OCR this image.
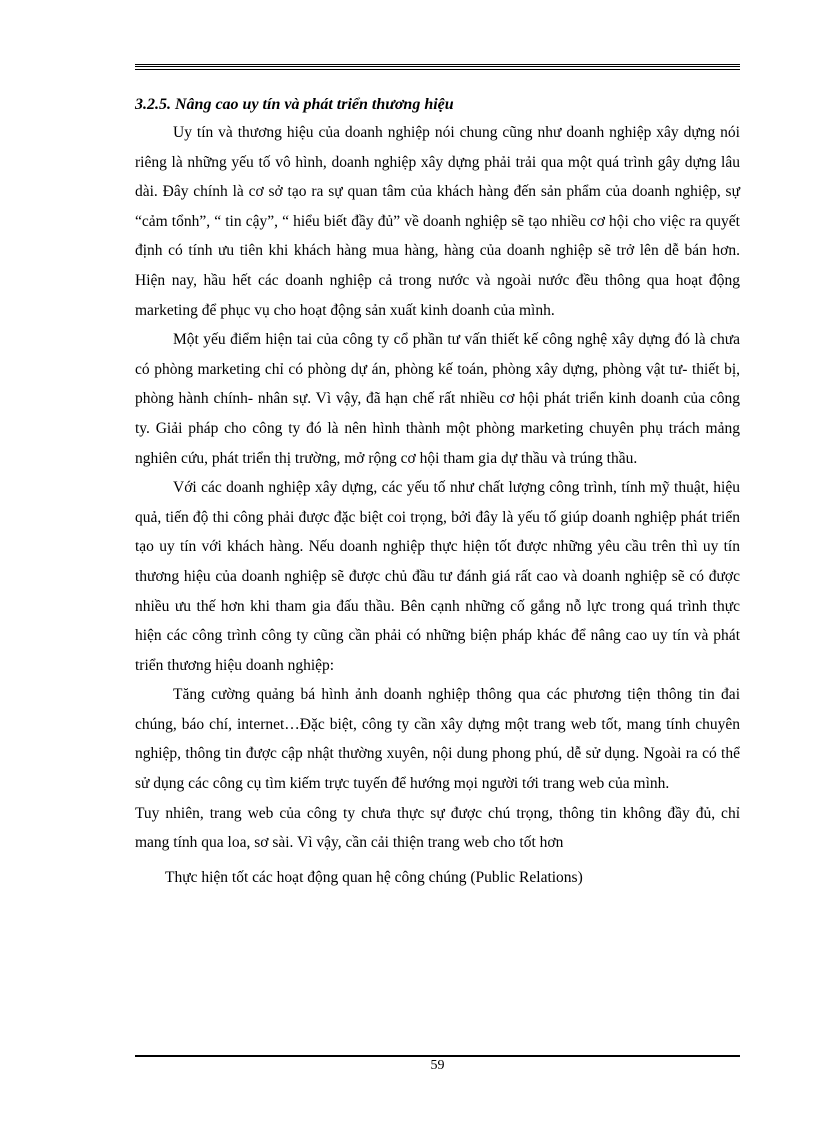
3.2.5. Nâng cao uy tín và phát triển thương hiệu

Uy tín và thương hiệu của doanh nghiệp nói chung cũng như doanh nghiệp xây dựng nói riêng là những yếu tố vô hình, doanh nghiệp xây dựng phải trải qua một quá trình gây dựng lâu dài. Đây chính là cơ sở tạo ra sự quan tâm của khách hàng đến sản phẩm của doanh nghiệp, sự “cảm tổnh”, “ tin cậy”, “ hiểu biết đầy đủ” về doanh nghiệp sẽ tạo nhiều cơ hội cho việc ra quyết định có tính ưu tiên khi khách hàng mua hàng, hàng của doanh nghiệp sẽ trở lên dễ bán hơn. Hiện nay, hầu hết các doanh nghiệp cả trong nước và ngoài nước đều thông qua hoạt động marketing để phục vụ cho hoạt động sản xuất kinh doanh của mình.

Một yếu điểm hiện tai của công ty cổ phần tư vấn thiết kế công nghệ xây dựng đó là chưa có phòng marketing chỉ có phòng dự án, phòng kế toán, phòng xây dựng, phòng vật tư- thiết bị, phòng hành chính- nhân sự. Vì vậy, đã hạn chế rất nhiều cơ hội phát triển kinh doanh của công ty. Giải pháp cho công ty đó là nên hình thành một phòng marketing chuyên phụ trách mảng nghiên cứu, phát triển thị trường, mở rộng cơ hội tham gia dự thầu và trúng thầu.

Với các doanh nghiệp xây dựng, các yếu tố như chất lượng công trình, tính mỹ thuật, hiệu quả, tiến độ thi công phải được đặc biệt coi trọng, bởi đây là yếu tố giúp doanh nghiệp phát triển tạo uy tín với khách hàng. Nếu doanh nghiệp thực hiện tốt được những yêu cầu trên thì uy tín thương hiệu của doanh nghiệp sẽ được chủ đầu tư đánh giá rất cao và doanh nghiệp sẽ có được nhiều ưu thế hơn khi tham gia đấu thầu. Bên cạnh những cố gắng nỗ lực trong quá trình thực hiện các công trình công ty cũng cần phải có những biện pháp khác để nâng cao uy tín và phát triển thương hiệu doanh nghiệp:

Tăng cường quảng bá hình ảnh doanh nghiệp thông qua các phương tiện thông tin đai chúng, báo chí, internet…Đặc biệt, công ty cần xây dựng một trang web tốt, mang tính chuyên nghiệp, thông tin được cập nhật thường xuyên, nội dung phong phú, dễ sử dụng. Ngoài ra có thể sử dụng các công cụ tìm kiếm trực tuyến để hướng mọi người tới trang web của mình.

Tuy nhiên, trang web của công ty chưa thực sự được chú trọng, thông tin không đầy đủ, chỉ mang tính qua loa, sơ sài. Vì vậy, cần cải thiện trang web cho tốt hơn

Thực hiện tốt các hoạt động quan hệ công chúng (Public Relations)

59
